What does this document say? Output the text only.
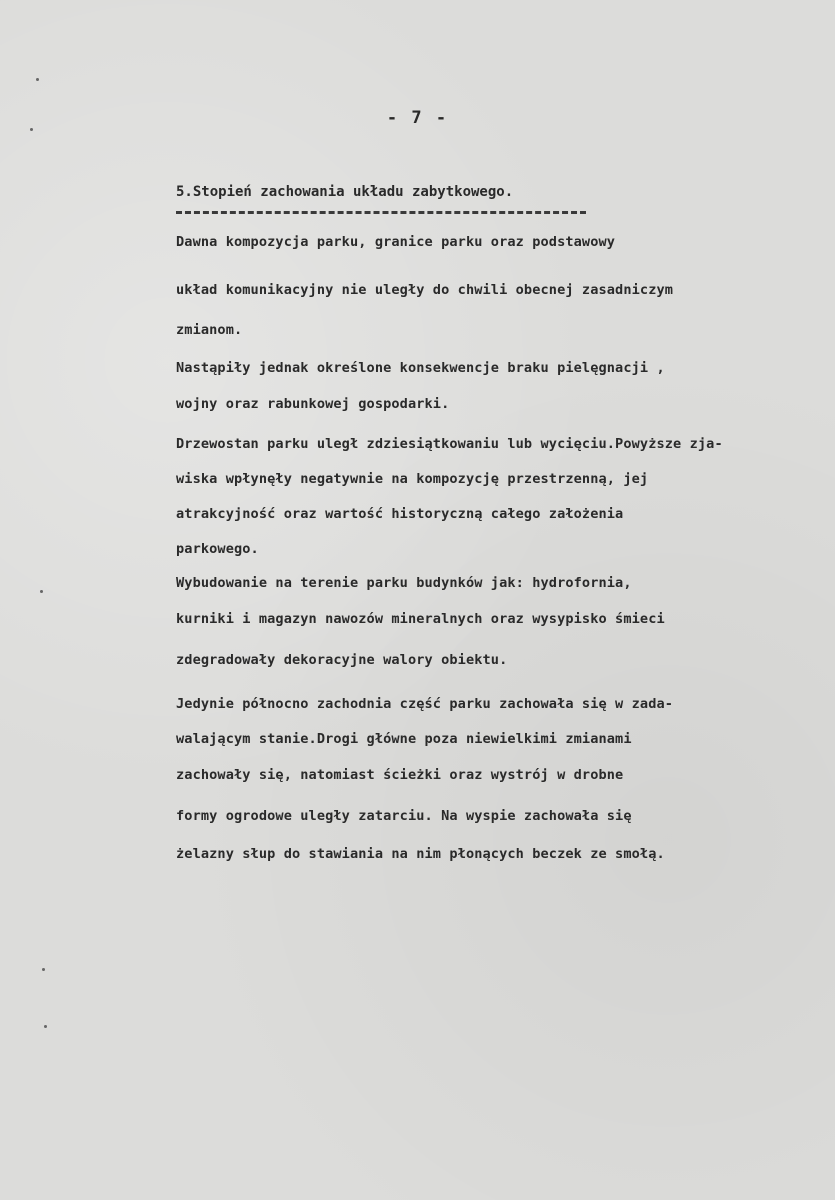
- 7 -
5.Stopień zachowania układu zabytkowego.
Dawna kompozycja parku, granice parku oraz podstawowy
układ komunikacyjny nie uległy do chwili obecnej zasadniczym
zmianom.
Nastąpiły jednak określone konsekwencje braku pielęgnacji ,
wojny oraz rabunkowej gospodarki.
Drzewostan parku uległ zdziesiątkowaniu lub wycięciu.Powyższe zja-
wiska wpłynęły negatywnie na kompozycję przestrzenną, jej
atrakcyjność oraz wartość historyczną całego założenia
parkowego.
Wybudowanie na terenie parku budynków jak: hydrofornia,
kurniki i magazyn nawozów mineralnych oraz wysypisko śmieci
zdegradowały dekoracyjne walory obiektu.
Jedynie północno zachodnia część parku zachowała się w zada-
walającym stanie.Drogi główne poza niewielkimi zmianami
zachowały się, natomiast ścieżki oraz wystrój w drobne
formy ogrodowe uległy zatarciu. Na wyspie zachowała się
żelazny słup do stawiania na nim płonących beczek ze smołą.
